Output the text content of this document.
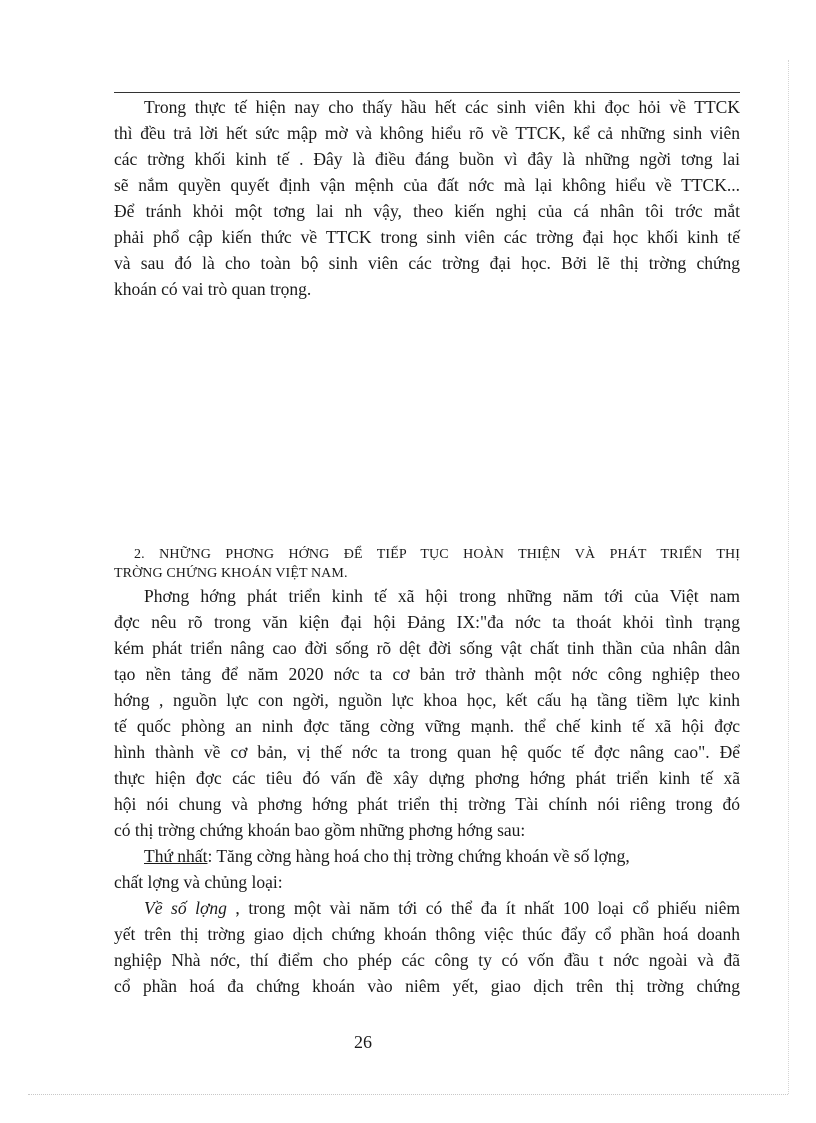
Trong thực tế hiện nay cho thấy hầu hết các sinh viên khi đọc hỏi về TTCK

thì đều trả lời hết sức mập mờ và không hiểu rõ về TTCK, kể cả những sinh viên

các trờng khối kinh tế . Đây là điều đáng buồn vì đây là những ngời tơng lai

sẽ nắm quyền quyết định vận mệnh của đất nớc mà lại không hiểu về TTCK...

Để tránh khỏi một tơng lai nh vậy, theo kiến nghị của cá nhân tôi trớc mắt

phải phổ cập kiến thức về TTCK trong sinh viên các trờng đại học khối kinh tế

và sau đó là cho toàn bộ sinh viên các trờng đại học. Bởi lẽ thị trờng chứng

khoán có vai trò quan trọng.

2. NHỮNG PHƠNG HỚNG ĐỂ TIẾP TỤC HOÀN THIỆN VÀ PHÁT TRIỂN THỊ

TRỜNG CHỨNG KHOÁN VIỆT NAM.

Phơng hớng phát triển kinh tế xã hội trong những năm tới của Việt nam

đợc nêu rõ trong văn kiện đại hội Đảng IX:"đa nớc ta thoát khỏi tình trạng

kém phát triển nâng cao đời sống rõ dệt đời sống vật chất tinh thần của nhân dân

tạo nền tảng để năm 2020 nớc ta cơ bản trở thành một nớc công nghiệp theo

hớng , nguồn lực con ngời, nguồn lực khoa học, kết cấu hạ tầng tiềm lực kinh

tế quốc phòng an ninh đợc tăng cờng vững mạnh. thể chế kinh tế xã hội đợc

hình thành về cơ bản, vị thế nớc ta trong quan hệ quốc tế đợc nâng cao". Để

thực hiện đợc các tiêu đó vấn đề xây dựng phơng hớng phát triển kinh tế xã

hội nói chung và phơng hớng phát triển thị trờng Tài chính nói riêng trong đó

có thị trờng chứng khoán bao gồm những phơng hớng sau:

Thứ nhất: Tăng cờng hàng hoá cho thị trờng chứng khoán về số lợng,

chất lợng và chủng loại:

Về số lợng , trong một vài năm tới có thể đa ít nhất 100 loại cổ phiếu niêm

yết trên thị trờng giao dịch chứng khoán thông việc thúc đẩy cổ phần hoá doanh

nghiệp Nhà nớc, thí điểm cho phép các công ty có vốn đầu t nớc ngoài và đã

cổ phần hoá đa chứng khoán vào niêm yết, giao dịch trên thị trờng chứng

26
